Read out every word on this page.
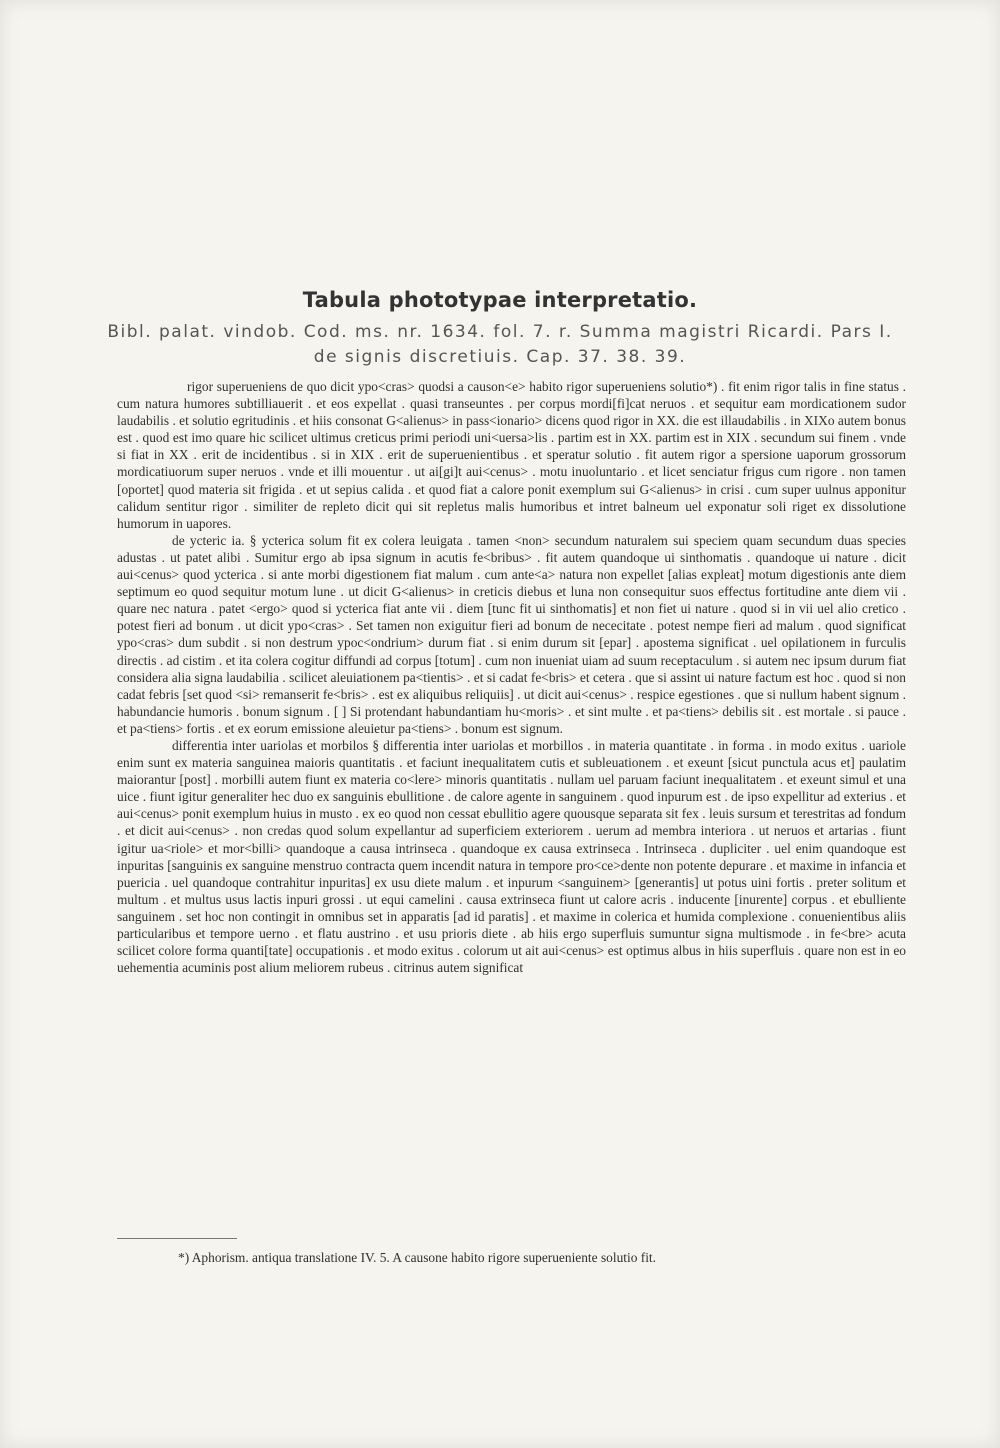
Tabula phototypae interpretatio.
Bibl. palat. vindob. Cod. ms. nr. 1634. fol. 7. r. Summa magistri Ricardi. Pars I.
de signis discretiuis. Cap. 37. 38. 39.

rigor superueniens de quo dicit ypo<cras> quodsi a causon<e> habito rigor superueniens solutio*) . fit enim rigor talis in fine status . cum natura humores subtilliauerit . et eos expellat . quasi transeuntes . per corpus mordi[fi]cat neruos . et sequitur eam mordicationem sudor laudabilis . et solutio egritudinis . et hiis consonat G<alienus> in pass<ionario> dicens quod rigor in XX. die est illaudabilis . in XIXo autem bonus est . quod est imo quare hic scilicet ultimus creticus primi periodi uni<uersa>lis . partim est in XX. partim est in XIX . secundum sui finem . vnde si fiat in XX . erit de incidentibus . si in XIX . erit de superuenientibus . et speratur solutio . fit autem rigor a spersione uaporum grossorum mordicatiuorum super neruos . vnde et illi mouentur . ut ai[gi]t aui<cenus> . motu inuoluntario . et licet senciatur frigus cum rigore . non tamen [oportet] quod materia sit frigida . et ut sepius calida . et quod fiat a calore ponit exemplum sui G<alienus> in crisi . cum super uulnus apponitur calidum sentitur rigor . similiter de repleto dicit qui sit repletus malis humoribus et intret balneum uel exponatur soli riget ex dissolutione humorum in uapores.

de ycteric ia. § ycterica solum fit ex colera leuigata . tamen <non> secundum naturalem sui speciem quam secundum duas species adustas . ut patet alibi . Sumitur ergo ab ipsa signum in acutis fe<bribus> . fit autem quandoque ui sinthomatis . quandoque ui nature . dicit aui<cenus> quod ycterica . si ante morbi digestionem fiat malum . cum ante<a> natura non expellet [alias expleat] motum digestionis ante diem septimum eo quod sequitur motum lune . ut dicit G<alienus> in creticis diebus et luna non consequitur suos effectus fortitudine ante diem vii . quare nec natura . patet <ergo> quod si ycterica fiat ante vii . diem [tunc fit ui sinthomatis] et non fiet ui nature . quod si in vii uel alio cretico . potest fieri ad bonum . ut dicit ypo<cras> . Set tamen non exiguitur fieri ad bonum de nececitate . potest nempe fieri ad malum . quod significat ypo<cras> dum subdit . si non destrum ypoc<ondrium> durum fiat . si enim durum sit [epar] . apostema significat . uel opilationem in furculis directis . ad cistim . et ita colera cogitur diffundi ad corpus [totum] . cum non inueniat uiam ad suum receptaculum . si autem nec ipsum durum fiat considera alia signa laudabilia . scilicet aleuiationem pa<tientis> . et si cadat fe<bris> et cetera . que si assint ui nature factum est hoc . quod si non cadat febris [set quod <si> remanserit fe<bris> . est ex aliquibus reliquiis] . ut dicit aui<cenus> . respice egestiones . que si nullum habent signum . habundancie humoris . bonum signum . [ ] Si protendant habundantiam hu<moris> . et sint multe . et pa<tiens> debilis sit . est mortale . si pauce . et pa<tiens> fortis . et ex eorum emissione aleuietur pa<tiens> . bonum est signum.

differentia inter uariolas et morbilos § differentia inter uariolas et morbillos . in materia quantitate . in forma . in modo exitus . uariole enim sunt ex materia sanguinea maioris quantitatis . et faciunt inequalitatem cutis et subleuationem . et exeunt [sicut punctula acus et] paulatim maiorantur [post] . morbilli autem fiunt ex materia co<lere> minoris quantitatis . nullam uel paruam faciunt inequalitatem . et exeunt simul et una uice . fiunt igitur generaliter hec duo ex sanguinis ebullitione . de calore agente in sanguinem . quod inpurum est . de ipso expellitur ad exterius . et aui<cenus> ponit exemplum huius in musto . ex eo quod non cessat ebullitio agere quousque separata sit fex . leuis sursum et terestritas ad fondum . et dicit aui<cenus> . non credas quod solum expellantur ad superficiem exteriorem . uerum ad membra interiora . ut neruos et artarias . fiunt igitur ua<riole> et mor<billi> quandoque a causa intrinseca . quandoque ex causa extrinseca . Intrinseca . dupliciter . uel enim quandoque est inpuritas [sanguinis ex sanguine menstruo contracta quem incendit natura in tempore pro<ce>dente non potente depurare . et maxime in infancia et puericia . uel quandoque contrahitur inpuritas] ex usu diete malum . et inpurum <sanguinem> [generantis] ut potus uini fortis . preter solitum et multum . et multus usus lactis inpuri grossi . ut equi camelini . causa extrinseca fiunt ut calore acris . inducente [inurente] corpus . et ebulliente sanguinem . set hoc non contingit in omnibus set in apparatis [ad id paratis] . et maxime in colerica et humida complexione . conuenientibus aliis particularibus et tempore uerno . et flatu austrino . et usu prioris diete . ab hiis ergo superfluis sumuntur signa multismode . in fe<bre> acuta scilicet colore forma quanti[tate] occupationis . et modo exitus . colorum ut ait aui<cenus> est optimus albus in hiis superfluis . quare non est in eo uehementia acuminis post alium meliorem rubeus . citrinus autem significat

*) Aphorism. antiqua translatione IV. 5. A causone habito rigore superueniente solutio fit.
